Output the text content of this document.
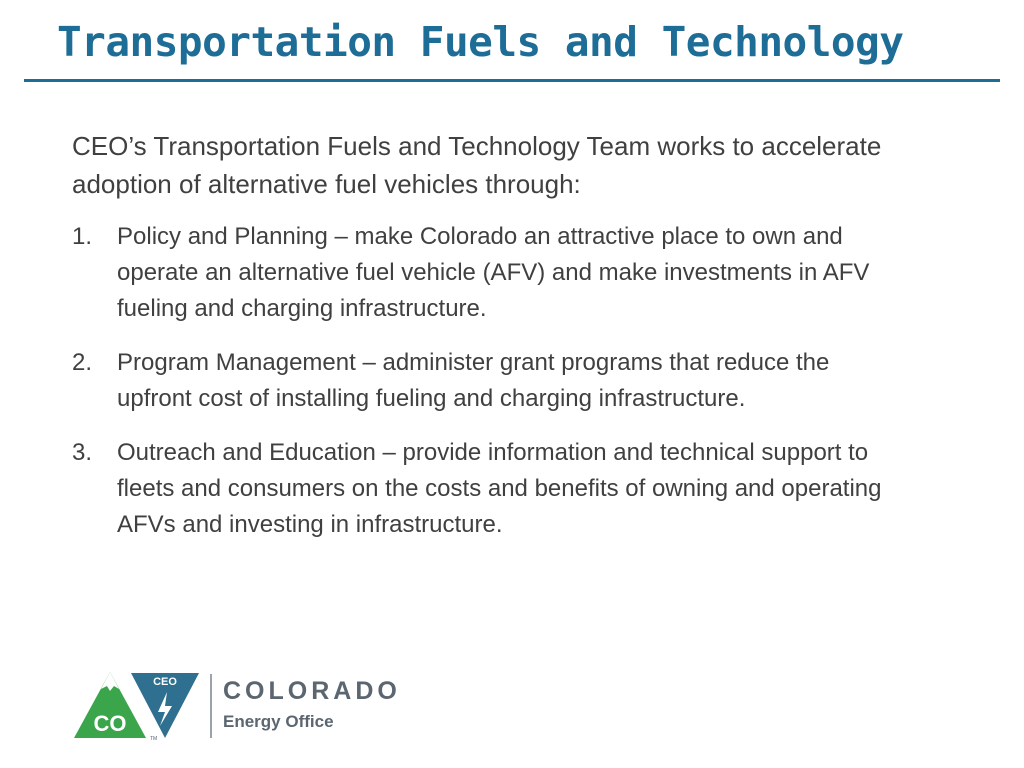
Transportation Fuels and Technology
CEO’s Transportation Fuels and Technology Team works to accelerate adoption of alternative fuel vehicles through:
1.	Policy and Planning – make Colorado an attractive place to own and operate an alternative fuel vehicle (AFV) and make investments in AFV fueling and charging infrastructure.
2.	Program Management – administer grant programs that reduce the upfront cost of installing fueling and charging infrastructure.
3.	Outreach and Education – provide information and technical support to fleets and consumers on the costs and benefits of owning and operating AFVs and investing in infrastructure.
CO
CEO
TM
COLORADO
Energy Office
